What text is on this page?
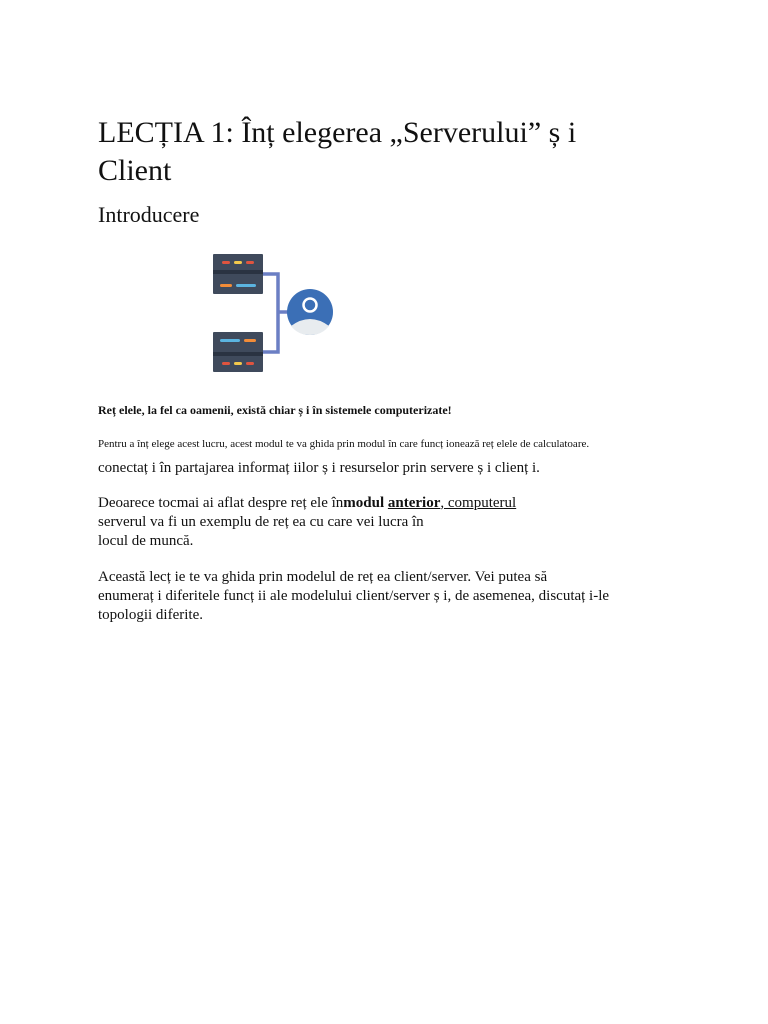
LECȚIA 1: Înț elegerea „Serverului” ș i
Client
Introducere
Reț elele, la fel ca oamenii, există chiar ș i în sistemele computerizate!
Pentru a înț elege acest lucru, acest modul te va ghida prin modul în care funcț ionează reț elele de calculatoare.
conectaț i în partajarea informaț iilor ș i resurselor prin servere ș i clienț i.
Deoarece tocmai ai aflat despre reț ele înmodul anterior, computerul
serverul va fi un exemplu de reț ea cu care vei lucra în
locul de muncă.
Această lecț ie te va ghida prin modelul de reț ea client/server. Vei putea să
enumeraț i diferitele funcț ii ale modelului client/server ș i, de asemenea, discutaț i-le
topologii diferite.
